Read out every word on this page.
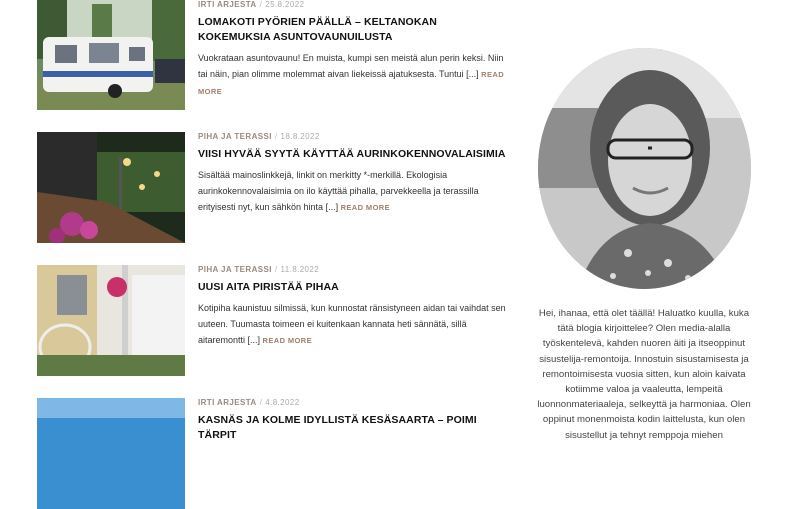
IRTI ARJESTA / 25.8.2022
LOMAKOTI PYÖRIEN PÄÄLLÄ – KELTANOKAN KOKEMUKSIA ASUNTOVAUNUILUSTA
Vuokrataan asuntovaunu! En muista, kumpi sen meistä alun perin keksi. Niin tai näin, pian olimme molemmat aivan liekeissä ajatuksesta. Tuntui [...] READ MORE
PIHA JA TERASSI / 18.8.2022
VIISI HYVÄÄ SYYTÄ KÄYTTÄÄ AURINKOKENNOVALAISIMIA
Sisältää mainoslinkkejä, linkit on merkitty *-merkillä. Ekologisia aurinkokennovalaisimia on ilo käyttää pihalla, parvekkeella ja terassilla erityisesti nyt, kun sähkön hinta [...] READ MORE
PIHA JA TERASSI / 11.8.2022
UUSI AITA PIRISTÄÄ PIHAA
Kotipiha kaunistuu silmissä, kun kunnostat ränsistyneen aidan tai vaihdat sen uuteen. Tuumasta toimeen ei kuitenkaan kannata heti sännätä, sillä aitaremontti [...] READ MORE
IRTI ARJESTA / 4.8.2022
KASNÄS JA KOLME IDYLLISTÄ KESÄSAARTA – POIMI TÄRPIT
Hei, ihanaa, että olet täällä! Haluatko kuulla, kuka tätä blogia kirjoittelee? Olen media-alalla työskentelevä, kahden nuoren äiti ja itseoppinut sisustelija-remontoija. Innostuin sisustamisesta ja remontoimisesta vuosia sitten, kun aloin kaivata kotiimme valoa ja vaaleutta, lempeitä luonnonmateriaaleja, selkeyttä ja harmoniaa. Olen oppinut monenmoista kodin laittelusta, kun olen sisustellut ja tehnyt remppoja miehen
